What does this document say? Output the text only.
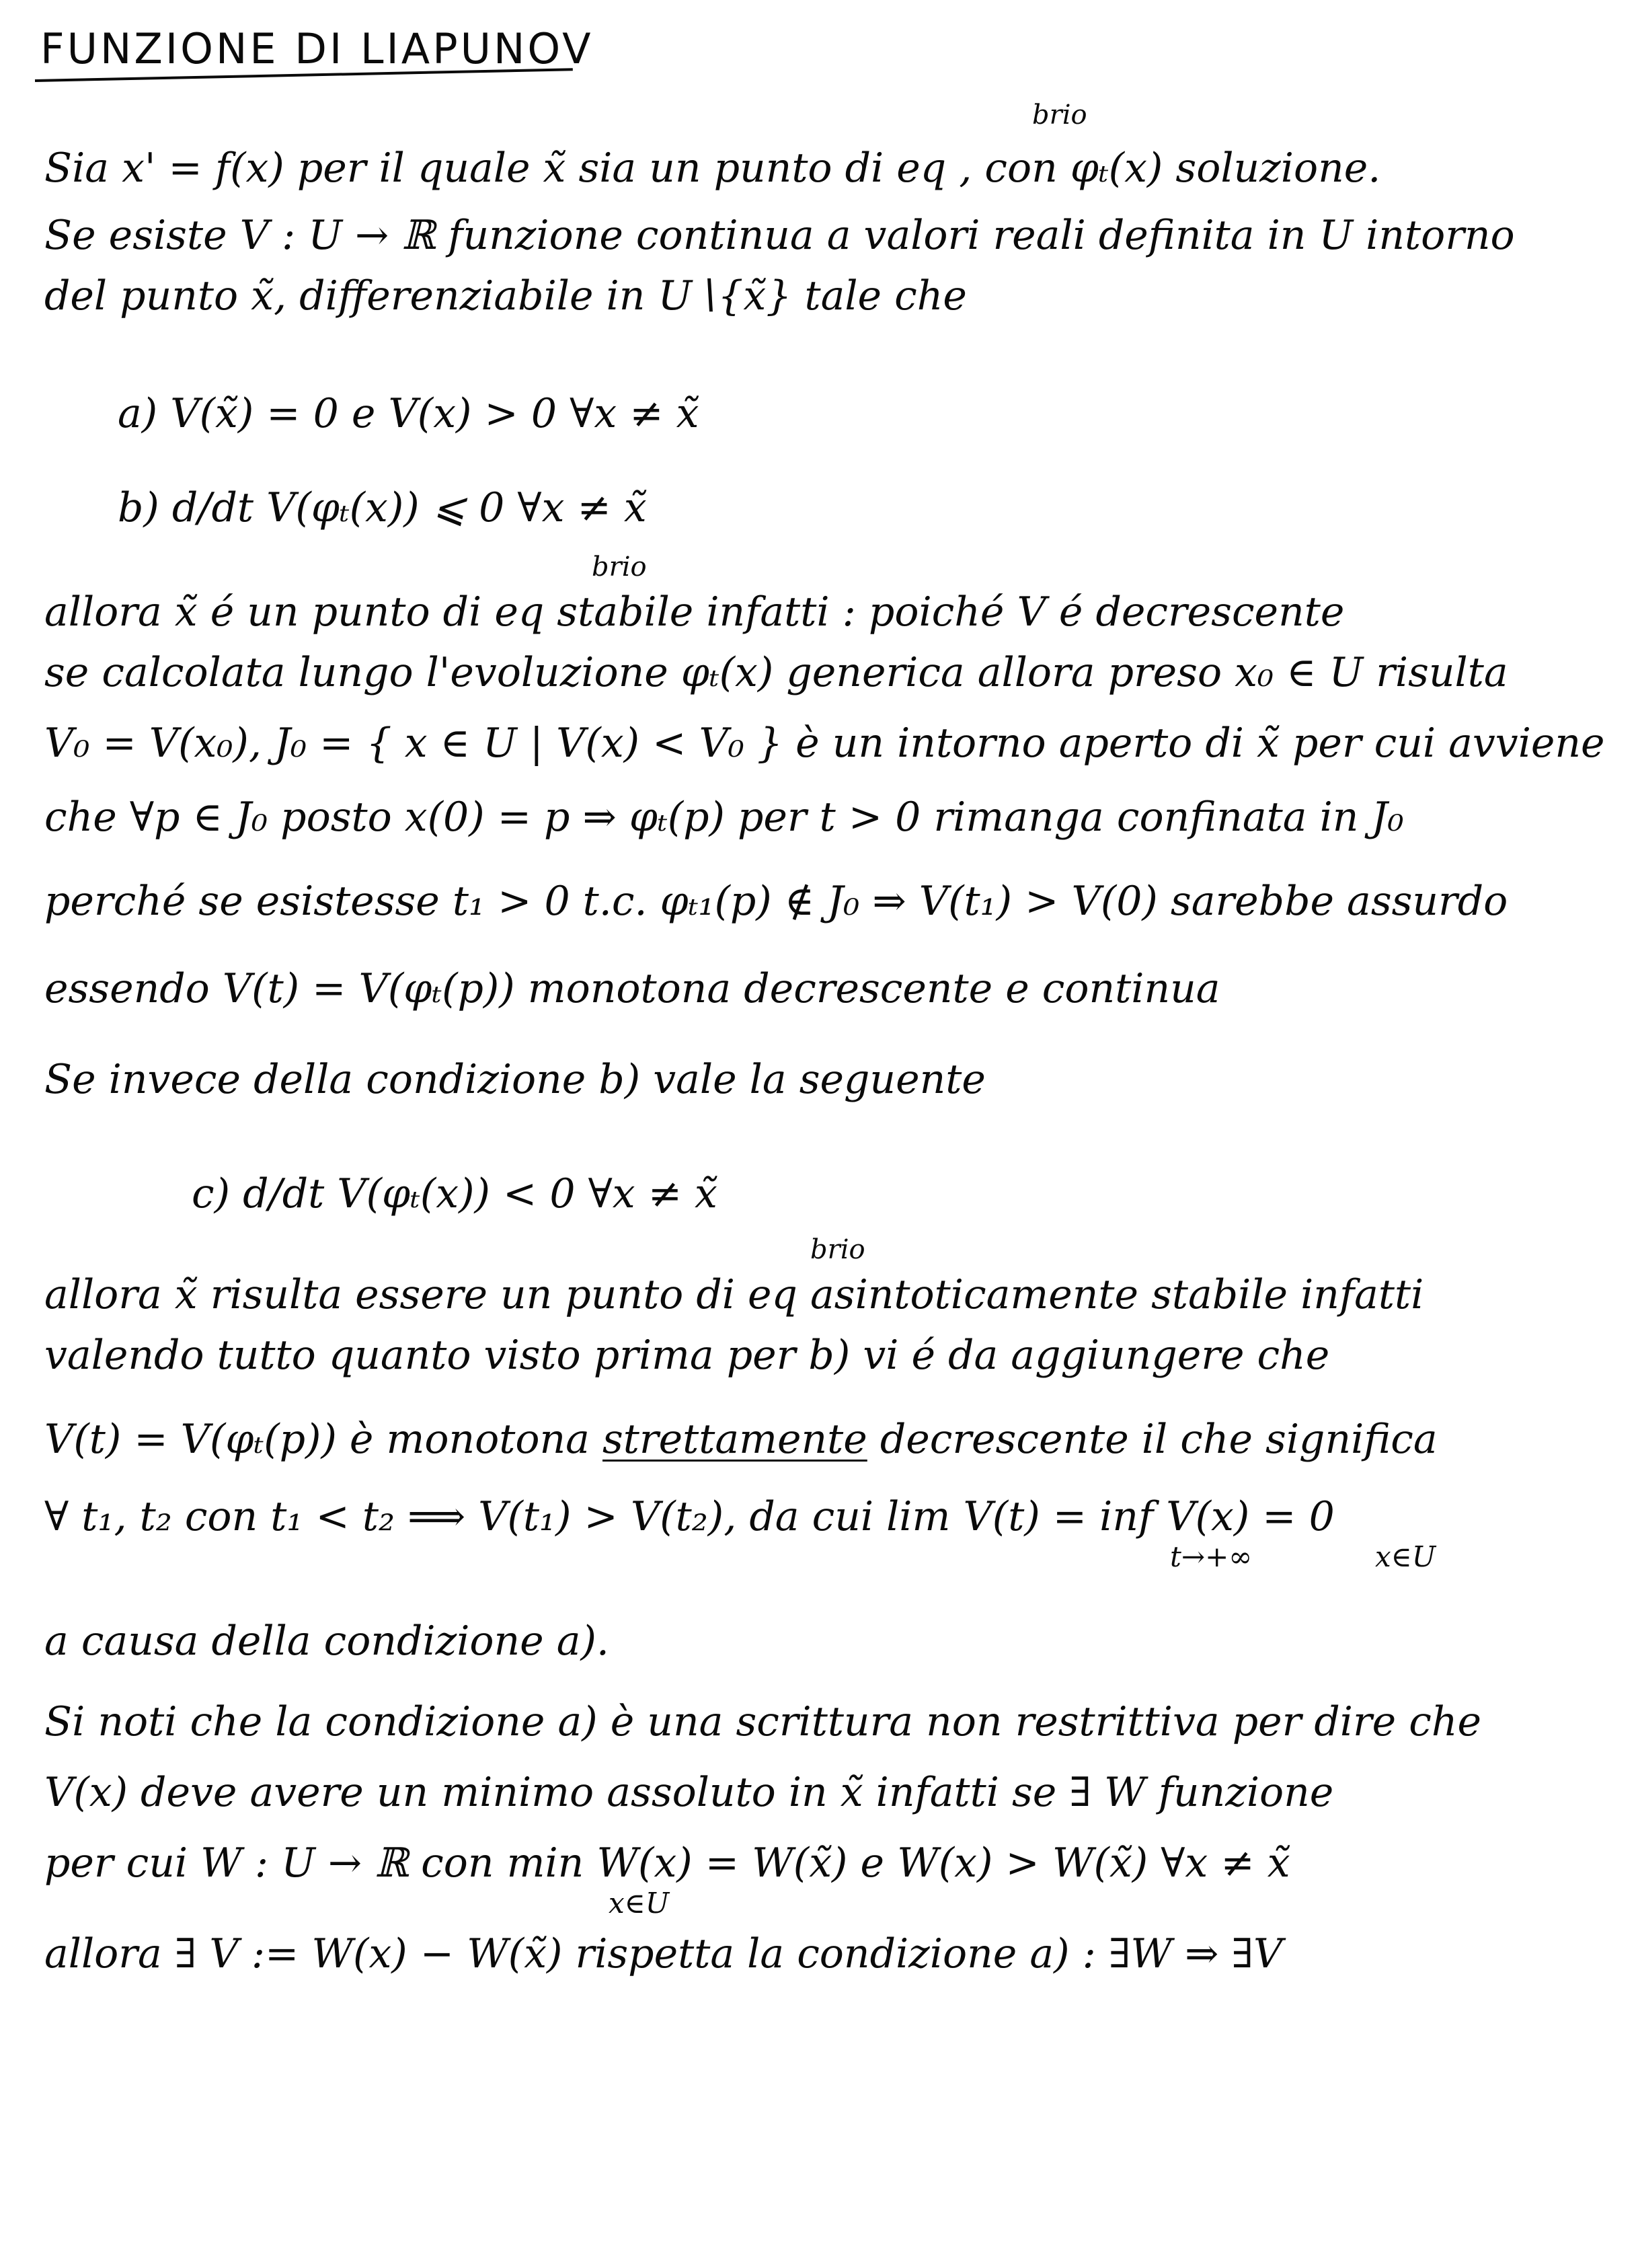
FUNZIONE DI LIAPUNOV
Sia x' = f(x) per il quale x̃ sia un punto di eq , con φₜ(x) soluzione.
brio
Se esiste V : U → ℝ funzione continua a valori reali definita in U intorno
del punto x̃, differenziabile in U∖{x̃} tale che
a) V(x̃) = 0 e V(x) > 0 ∀x ≠ x̃
b) d/dt V(φₜ(x)) ⩽ 0 ∀x ≠ x̃
allora x̃ é un punto di eq stabile infatti : poiché V é decrescente
brio
se calcolata lungo l'evoluzione φₜ(x) generica allora preso x₀ ∈ U risulta
V₀ = V(x₀), J₀ = { x ∈ U | V(x) < V₀ } è un intorno aperto di x̃ per cui avviene
che ∀p ∈ J₀ posto x(0) = p ⇒ φₜ(p) per t > 0 rimanga confinata in J₀
perché se esistesse t₁ > 0 t.c. φₜ₁(p) ∉ J₀ ⇒ V(t₁) > V(0) sarebbe assurdo
essendo V(t) = V(φₜ(p)) monotona decrescente e continua
Se invece della condizione b) vale la seguente
c) d/dt V(φₜ(x)) < 0 ∀x ≠ x̃
allora x̃ risulta essere un punto di eq asintoticamente stabile infatti
brio
valendo tutto quanto visto prima per b) vi é da aggiungere che
V(t) = V(φₜ(p)) è monotona strettamente decrescente il che significa
∀ t₁, t₂ con t₁ < t₂ ⟹ V(t₁) > V(t₂), da cui lim V(t) = inf V(x) = 0
t→+∞	x∈U
a causa della condizione a).
Si noti che la condizione a) è una scrittura non restrittiva per dire che
V(x) deve avere un minimo assoluto in x̃ infatti se ∃ W funzione
per cui W : U → ℝ con min W(x) = W(x̃) e W(x) > W(x̃) ∀x ≠ x̃
x∈U
allora ∃ V := W(x) − W(x̃) rispetta la condizione a) : ∃W ⇒ ∃V
